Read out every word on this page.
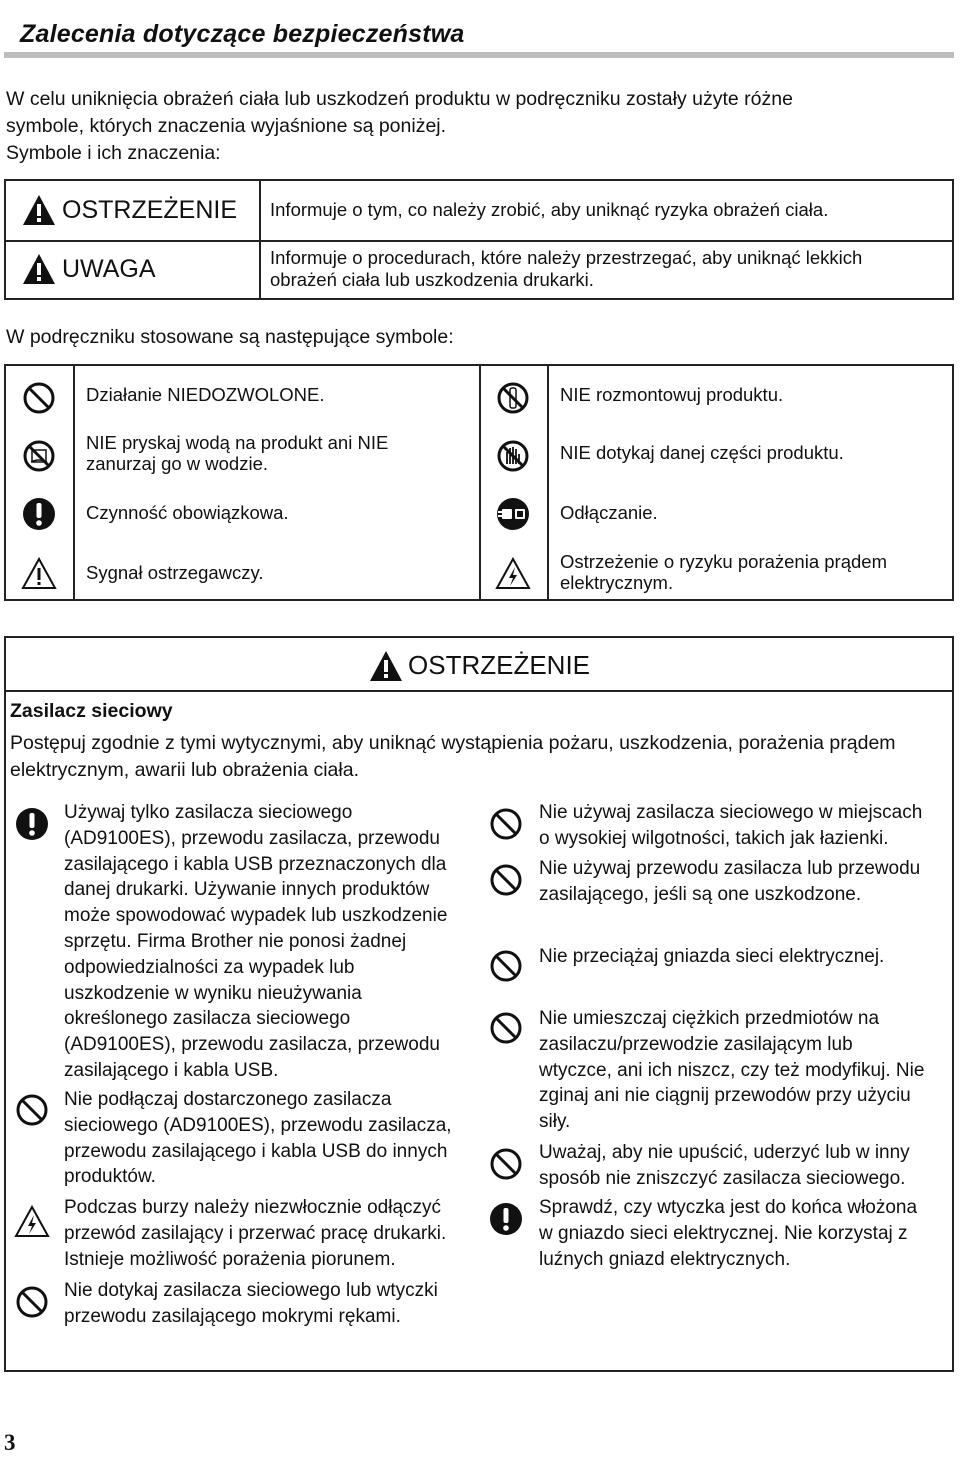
Zalecenia dotyczące bezpieczeństwa
W celu uniknięcia obrażeń ciała lub uszkodzeń produktu w podręczniku zostały użyte różne
symbole, których znaczenia wyjaśnione są poniżej.
Symbole i ich znaczenia:
OSTRZEŻENIE Informuje o tym, co należy zrobić, aby uniknąć ryzyka obrażeń ciała.
UWAGA	Informuje o procedurach, które należy przestrzegać, aby uniknąć lekkich
obrażeń ciała lub uszkodzenia drukarki.
W podręczniku stosowane są następujące symbole:
Działanie NIEDOZWOLONE.
NIE pryskaj wodą na produkt ani NIE
zanurzaj go w wodzie.
Czynność obowiązkowa.
Sygnał ostrzegawczy.
NIE rozmontowuj produktu.
NIE dotykaj danej części produktu.
Odłączanie.
Ostrzeżenie o ryzyku porażenia prądem
elektrycznym.
OSTRZEŻENIE
Zasilacz sieciowy
Postępuj zgodnie z tymi wytycznymi, aby uniknąć wystąpienia pożaru, uszkodzenia, porażenia prądem
elektrycznym, awarii lub obrażenia ciała.
Używaj tylko zasilacza sieciowego
(AD9100ES), przewodu zasilacza, przewodu
zasilającego i kabla USB przeznaczonych dla
danej drukarki. Używanie innych produktów
może spowodować wypadek lub uszkodzenie
sprzętu. Firma Brother nie ponosi żadnej
odpowiedzialności za wypadek lub
uszkodzenie w wyniku nieużywania
określonego zasilacza sieciowego
(AD9100ES), przewodu zasilacza, przewodu
zasilającego i kabla USB.
Nie podłączaj dostarczonego zasilacza
sieciowego (AD9100ES), przewodu zasilacza,
przewodu zasilającego i kabla USB do innych
produktów.
Podczas burzy należy niezwłocznie odłączyć
przewód zasilający i przerwać pracę drukarki.
Istnieje możliwość porażenia piorunem.
Nie dotykaj zasilacza sieciowego lub wtyczki
przewodu zasilającego mokrymi rękami.
Nie używaj zasilacza sieciowego w miejscach
o wysokiej wilgotności, takich jak łazienki.
Nie używaj przewodu zasilacza lub przewodu
zasilającego, jeśli są one uszkodzone.
Nie przeciążaj gniazda sieci elektrycznej.
Nie umieszczaj ciężkich przedmiotów na
zasilaczu/przewodzie zasilającym lub
wtyczce, ani ich niszcz, czy też modyfikuj. Nie
zginaj ani nie ciągnij przewodów przy użyciu
siły.
Uważaj, aby nie upuścić, uderzyć lub w inny
sposób nie zniszczyć zasilacza sieciowego.
Sprawdź, czy wtyczka jest do końca włożona
w gniazdo sieci elektrycznej. Nie korzystaj z
luźnych gniazd elektrycznych.
3
